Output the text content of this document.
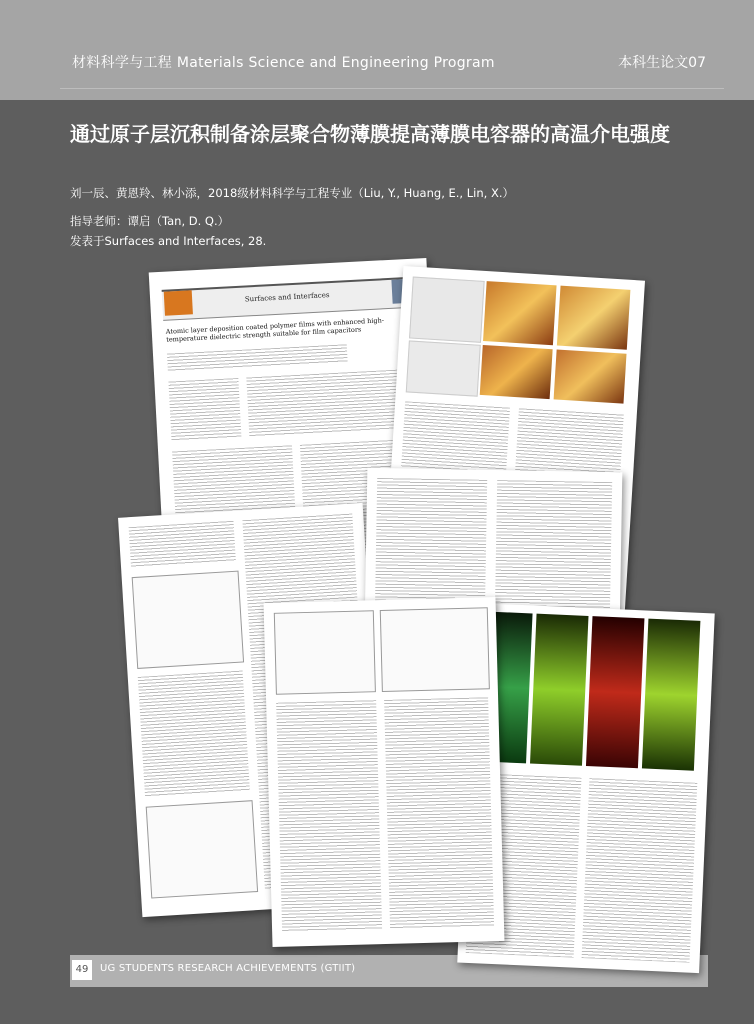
材料科学与工程 Materials Science and Engineering Program	本科生论文07
通过原子层沉积制备涂层聚合物薄膜提高薄膜电容器的高温介电强度
刘一辰、黄恩羚、林小添，2018级材料科学与工程专业（Liu, Y., Huang, E., Lin, X.）
指导老师：谭启（Tan, D. Q.）
发表于Surfaces and Interfaces, 28.
Surfaces and Interfaces
Atomic layer deposition coated polymer films with enhanced high-temperature dielectric strength suitable for film capacitors
49	UG STUDENTS RESEARCH ACHIEVEMENTS (GTIIT)
